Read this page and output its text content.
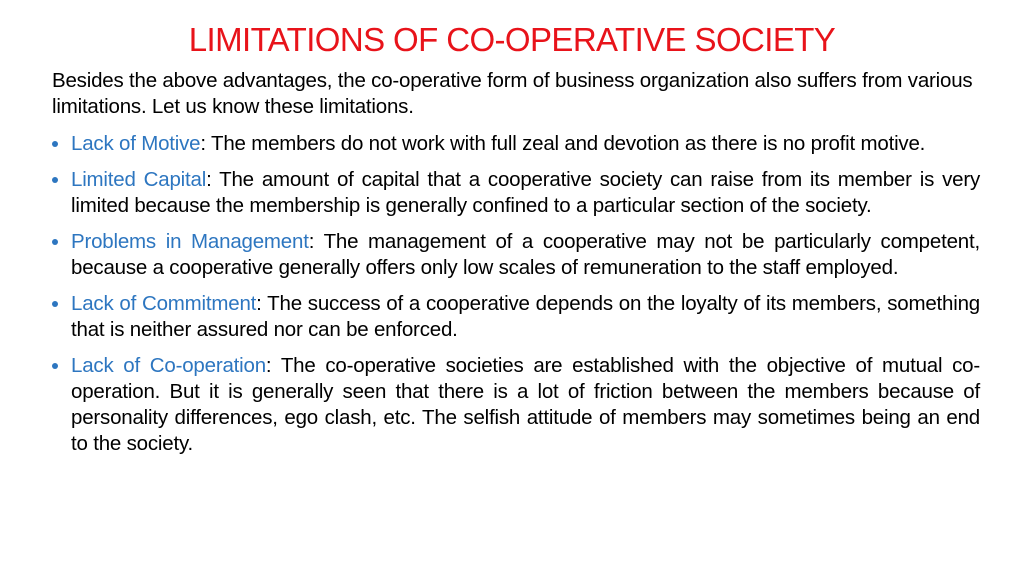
LIMITATIONS OF CO-OPERATIVE SOCIETY
Besides the above advantages, the co-operative form of business organization also suffers from various limitations. Let us know these limitations.
Lack of Motive: The members do not work with full zeal and devotion as there is no profit motive.
Limited Capital: The amount of capital that a cooperative society can raise from its member is very limited because the membership is generally confined to a particular section of the society.
Problems in Management: The management of a cooperative may not be particularly competent, because a cooperative generally offers only low scales of remuneration to the staff employed.
Lack of Commitment: The success of a cooperative depends on the loyalty of its members, something that is neither assured nor can be enforced.
Lack of Co-operation: The co-operative societies are established with the objective of mutual co-operation. But it is generally seen that there is a lot of friction between the members because of personality differences, ego clash, etc. The selfish attitude of members may sometimes being an end to the society.
